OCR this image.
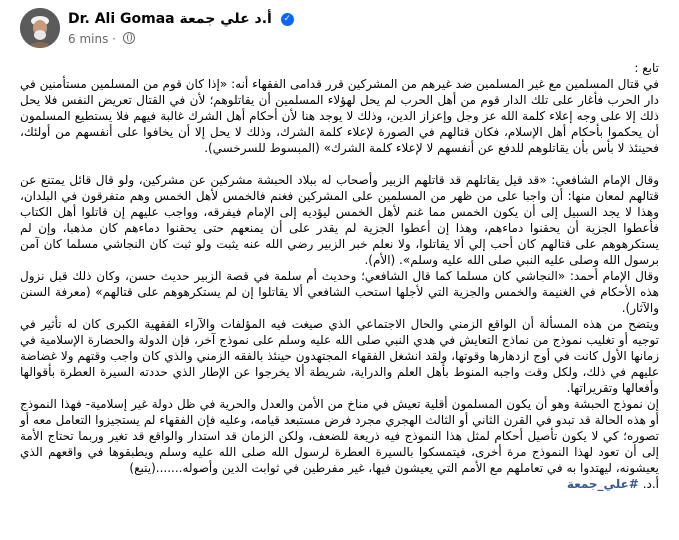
Dr. Ali Gomaa أ.د علي جمعة ✓
6 mins ·

تابع :

في قتال المسلمين مع غير المسلمين ضد غيرهم من المشركين قرر قدامى الفقهاء أنه: «إذا كان قوم من المسلمين مستأمنين في دار الحرب فأغار على تلك الدار قوم من أهل الحرب لم يحل لهؤلاء المسلمين أن يقاتلوهم؛ لأن في القتال تعريض النفس فلا يحل ذلك إلا على وجه إعلاء كلمة الله عز وجل وإعزاز الدين، وذلك لا يوجد هنا لأن أحكام أهل الشرك غالبة فيهم فلا يستطيع المسلمون أن يحكموا بأحكام أهل الإسلام، فكان قتالهم في الصورة لإعلاء كلمة الشرك، وذلك لا يحل إلا أن يخافوا على أنفسهم من أولئك، فحينئذ لا بأس بأن يقاتلوهم للدفع عن أنفسهم لا لإعلاء كلمة الشرك» (المبسوط للسرخسي).

وقال الإمام الشافعي: «قد قيل يقاتلهم قد قاتلهم الزبير وأصحاب له ببلاد الحبشة مشركين عن مشركين، ولو قال قائل يمتنع عن قتالهم لمعان منها: أن واجبا على من ظهر من المسلمين على المشركين فغنم فالخمس لأهل الخمس وهم متفرقون في البلدان، وهذا لا يجد السبيل إلى أن يكون الخمس مما غنم لأهل الخمس ليؤديه إلى الإمام فيفرقه، وواجب عليهم إن قاتلوا أهل الكتاب فأعطوا الجزية أن يحقنوا دماءهم، وهذا إن أعطوا الجزية لم يقدر على أن يمنعهم حتى يحقنوا دماءهم كان مذهبا، وإن لم يستكرهوهم على قتالهم كان أحب إلي ألا يقاتلوا، ولا نعلم خبر الزبير رضي الله عنه يثبت ولو ثبت كان النجاشي مسلما كان آمن برسول الله وصلى عليه النبي صلى الله عليه وسلم». (الأم).

وقال الإمام أحمد: «النجاشي كان مسلما كما قال الشافعي؛ وحديث أم سلمة في قصة الزبير حديث حسن، وكان ذلك قبل نزول هذه الأحكام في الغنيمة والخمس والجزية التي لأجلها استحب الشافعي ألا يقاتلوا إن لم يستكرهوهم على قتالهم» (معرفة السنن والآثار).

ويتضح من هذه المسألة أن الواقع الزمني والحال الاجتماعي الذي صيغت فيه المؤلفات والآراء الفقهية الكبرى كان له تأثير في توجيه أو تغليب نموذج من نماذج التعايش في هدي النبي صلى الله عليه وسلم على نموذج آخر، فإن الدولة والحضارة الإسلامية في زمانها الأول كانت في أوج ازدهارها وقوتها، ولقد انشغل الفقهاء المجتهدون حينئذ بالفقه الزمني والذي كان واجب وقتهم ولا غضاضة عليهم في ذلك، ولكل وقت واجبه المنوط بأهل العلم والدراية، شريطة ألا يخرجوا عن الإطار الذي حددته السيرة العطرة بأقوالها وأفعالها وتقريراتها.

إن نموذج الحبشة وهو أن يكون المسلمون أقلية تعيش في مناخ من الأمن والعدل والحرية في ظل دولة غير إسلامية- فهذا النموذج أو هذه الحالة قد تبدو في القرن الثاني أو الثالث الهجري مجرد فرض مستبعد قيامه، وعليه فإن الفقهاء لم يستجيزوا التعامل معه أو تصوره؛ كي لا يكون تأصيل أحكام لمثل هذا النموذج فيه ذريعة للضعف، ولكن الزمان قد استدار والواقع قد تغير وربما تحتاج الأمة إلى أن تعود لهذا النموذج مرة أخرى، فيتمسكوا بالسيرة العطرة لرسول الله صلى الله عليه وسلم ويطبقوها في واقعهم الذي يعيشونه، ليهتدوا به في تعاملهم مع الأمم التي يعيشون فيها، غير مفرطين في ثوابت الدين وأصوله.......(يتبع)

أ.د. #علي_جمعة
